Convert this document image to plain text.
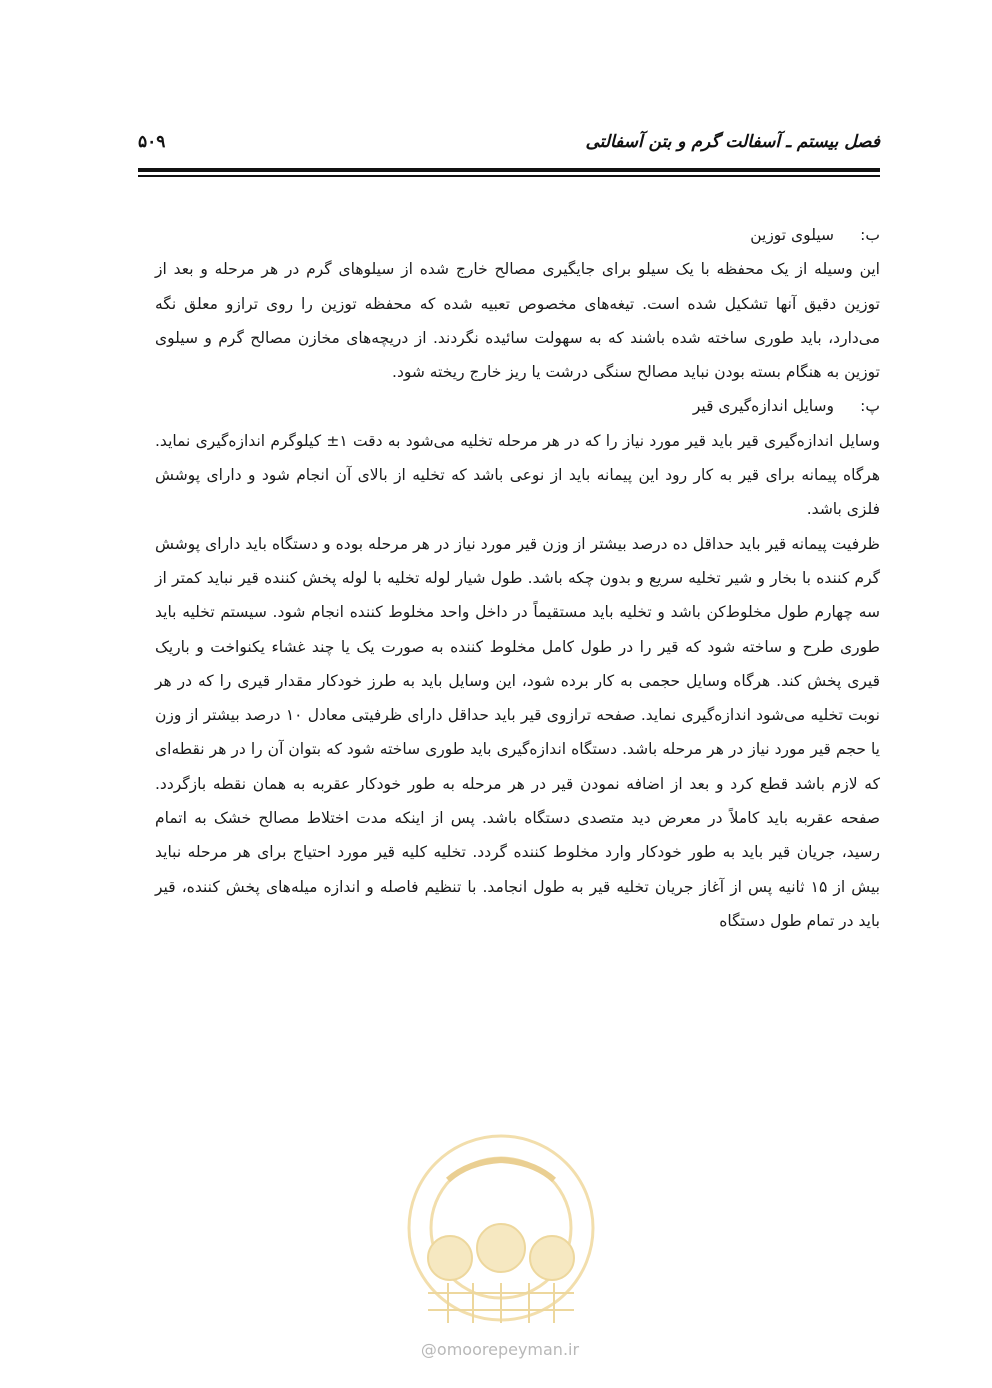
فصل بیستم ـ آسفالت گرم و بتن آسفالتی
۵۰۹
ب:سیلوی توزین

این وسیله از یک محفظه با یک سیلو برای جایگیری مصالح خارج شده از سیلوهای گرم در هر مرحله و بعد از توزین دقیق آنها تشکیل شده است. تیغه‌های مخصوص تعبیه شده که محفظه توزین را روی ترازو معلق نگه می‌دارد، باید طوری ساخته شده باشند که به سهولت سائیده نگردند. از دریچه‌های مخازن مصالح گرم و سیلوی توزین به هنگام بسته بودن نباید مصالح سنگی درشت یا ریز خارج ریخته شود.

پ:وسایل اندازه‌گیری قیر

وسایل اندازه‌گیری قیر باید قیر مورد نیاز را که در هر مرحله تخلیه می‌شود به دقت ۱± کیلوگرم اندازه‌گیری نماید. هرگاه پیمانه برای قیر به کار رود این پیمانه باید از نوعی باشد که تخلیه از بالای آن انجام شود و دارای پوشش فلزی باشد.

ظرفیت پیمانه قیر باید حداقل ده درصد بیشتر از وزن قیر مورد نیاز در هر مرحله بوده و دستگاه باید دارای پوشش گرم کننده با بخار و شیر تخلیه سریع و بدون چکه باشد. طول شیار لوله تخلیه با لوله پخش کننده قیر نباید کمتر از سه چهارم طول مخلوط‌کن باشد و تخلیه باید مستقیماً در داخل واحد مخلوط کننده انجام شود. سیستم تخلیه باید طوری طرح و ساخته شود که قیر را در طول کامل مخلوط کننده به صورت یک یا چند غشاء یکنواخت و باریک قیری پخش کند. هرگاه وسایل حجمی به کار برده شود، این وسایل باید به طرز خودکار مقدار قیری را که در هر نوبت تخلیه می‌شود اندازه‌گیری نماید. صفحه ترازوی قیر باید حداقل دارای ظرفیتی معادل ۱۰ درصد بیشتر از وزن یا حجم قیر مورد نیاز در هر مرحله باشد. دستگاه اندازه‌گیری باید طوری ساخته شود که بتوان آن را در هر نقطه‌ای که لازم باشد قطع کرد و بعد از اضافه نمودن قیر در هر مرحله به طور خودکار عقربه به همان نقطه بازگردد. صفحه عقربه باید کاملاً در معرض دید متصدی دستگاه باشد. پس از اینکه مدت اختلاط مصالح خشک به اتمام رسید، جریان قیر باید به طور خودکار وارد مخلوط کننده گردد. تخلیه کلیه قیر مورد احتیاج برای هر مرحله نباید بیش از ۱۵ ثانیه پس از آغاز جریان تخلیه قیر به طول انجامد. با تنظیم فاصله و اندازه میله‌های پخش کننده، قیر باید در تمام طول دستگاه

@omoorepeyman.ir
